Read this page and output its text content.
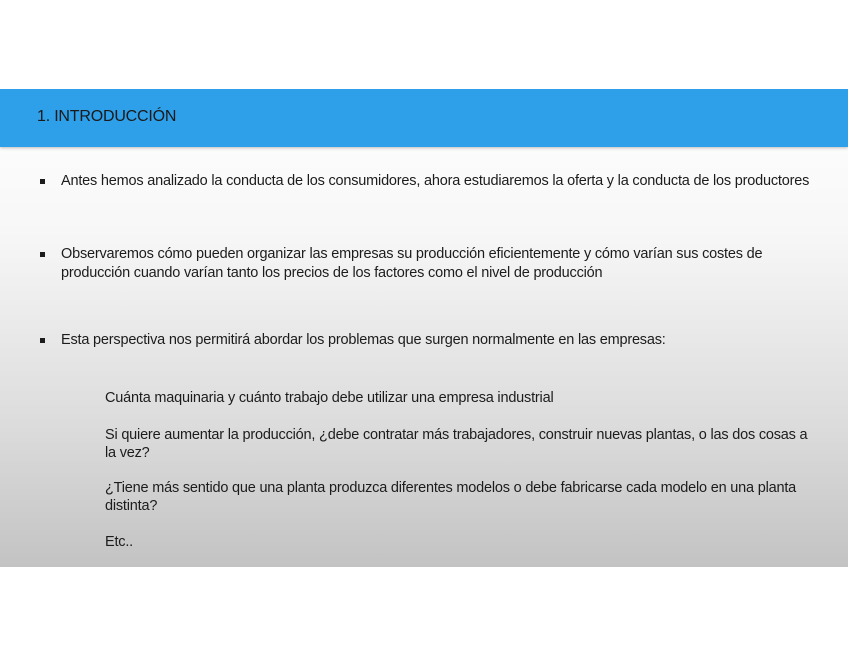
1. INTRODUCCIÓN
Antes hemos analizado la conducta de los consumidores, ahora estudiaremos la oferta y la conducta de los productores
Observaremos cómo pueden organizar las empresas su producción eficientemente y cómo varían sus costes de producción cuando varían tanto los precios de los factores como el nivel de producción
Esta perspectiva nos permitirá abordar los problemas que surgen normalmente en las empresas:
Cuánta maquinaria y cuánto trabajo debe utilizar una empresa industrial
Si quiere aumentar la producción, ¿debe contratar más trabajadores, construir nuevas plantas, o las dos cosas a la vez?
¿Tiene más sentido que una planta produzca diferentes modelos o debe fabricarse cada modelo en una planta distinta?
Etc..
